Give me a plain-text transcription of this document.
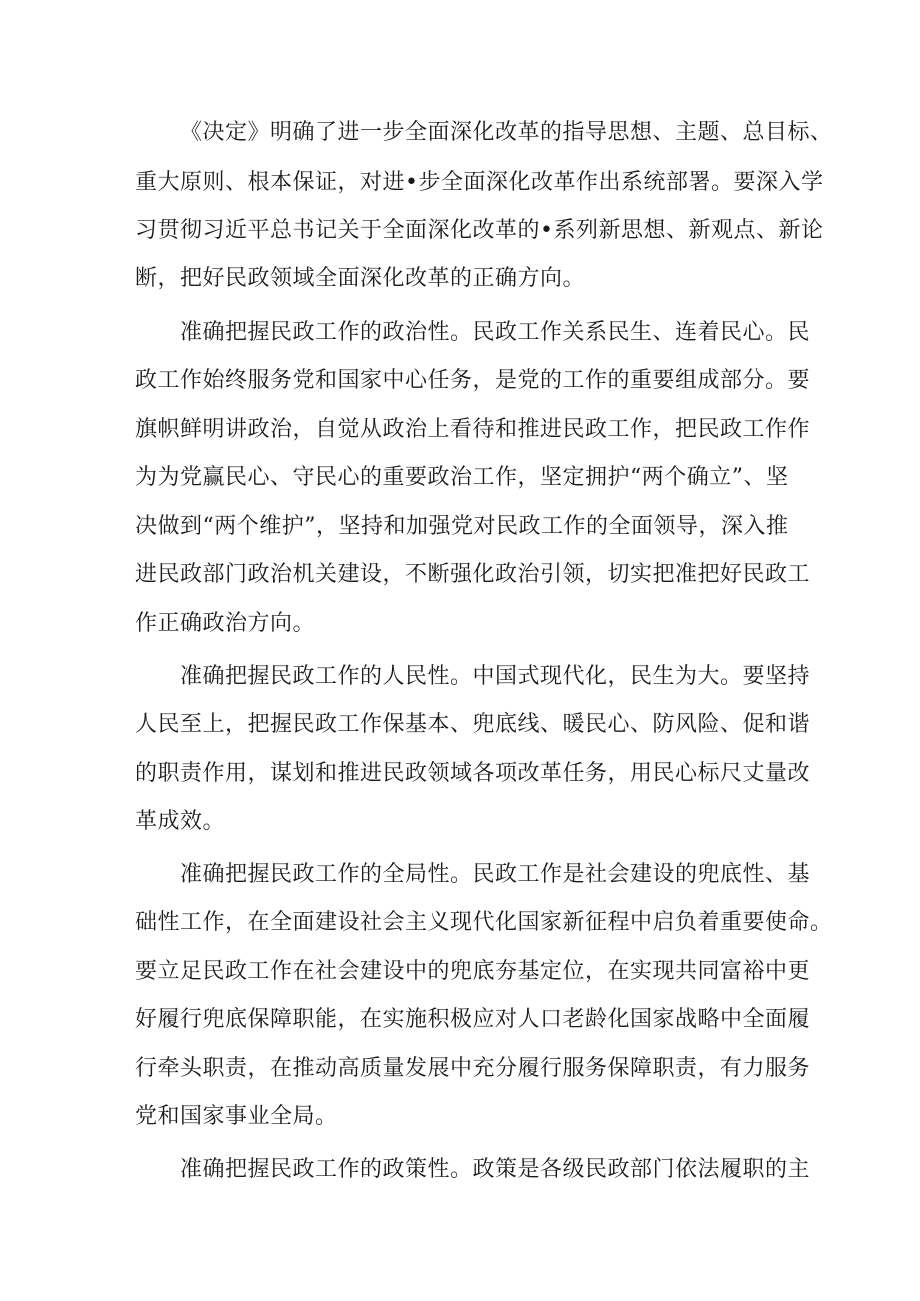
《决定》明确了进一步全面深化改革的指导思想、主题、总目标、

重大原则、根本保证，对进•步全面深化改革作出系统部署。要深入学

习贯彻习近平总书记关于全面深化改革的•系列新思想、新观点、新论

断，把好民政领域全面深化改革的正确方向。

准确把握民政工作的政治性。民政工作关系民生、连着民心。民

政工作始终服务党和国家中心任务，是党的工作的重要组成部分。要

旗帜鲜明讲政治，自觉从政治上看待和推进民政工作，把民政工作作

为为党赢民心、守民心的重要政治工作，坚定拥护“两个确立”、坚

决做到“两个维护”，坚持和加强党对民政工作的全面领导，深入推

进民政部门政治机关建设，不断强化政治引领，切实把准把好民政工

作正确政治方向。

准确把握民政工作的人民性。中国式现代化，民生为大。要坚持

人民至上，把握民政工作保基本、兜底线、暖民心、防风险、促和谐

的职责作用，谋划和推进民政领域各项改革任务，用民心标尺丈量改

革成效。

准确把握民政工作的全局性。民政工作是社会建设的兜底性、基

础性工作，在全面建设社会主义现代化国家新征程中启负着重要使命。

要立足民政工作在社会建设中的兜底夯基定位，在实现共同富裕中更

好履行兜底保障职能，在实施积极应对人口老龄化国家战略中全面履

行牵头职责，在推动高质量发展中充分履行服务保障职责，有力服务

党和国家事业全局。

准确把握民政工作的政策性。政策是各级民政部门依法履职的主
